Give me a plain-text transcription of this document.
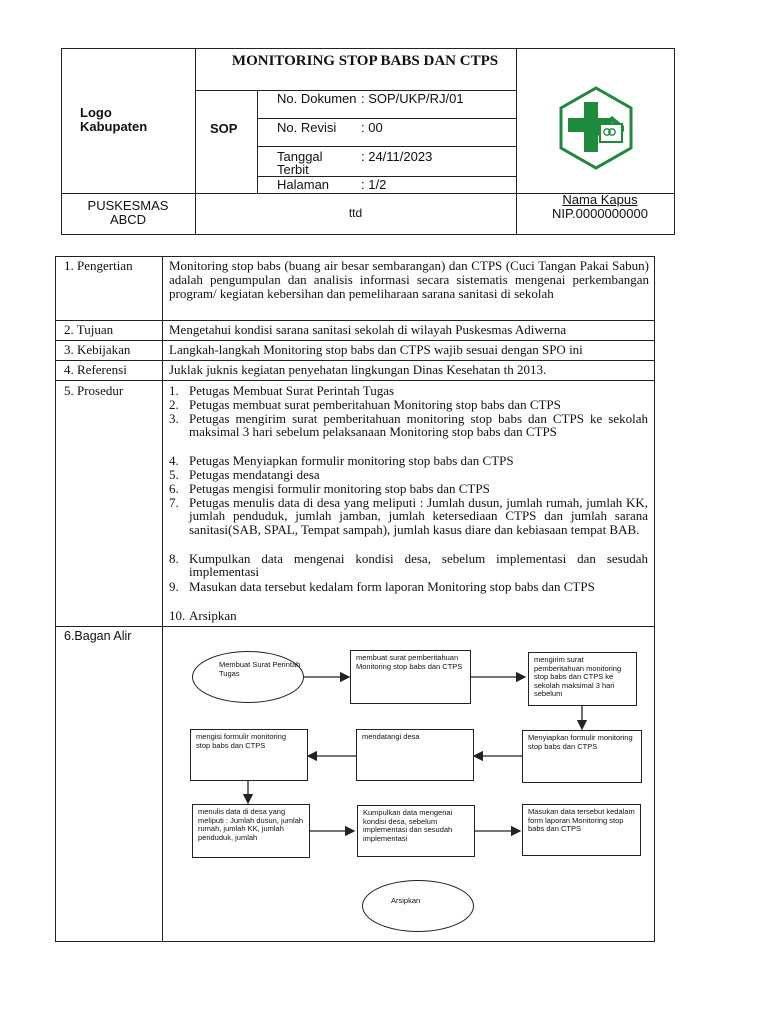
Logo Kabupaten
MONITORING STOP BABS DAN CTPS
SOP
No. Dokumen : SOP/UKP/RJ/01
No. Revisi	: 00
Tanggal Terbit
: 24/11/2023
Halaman	: 1/2
PUSKESMAS ABCD	ttd
Nama Kapus
NIP.0000000000
1. Pengertian	Monitoring stop babs (buang air besar sembarangan) dan CTPS (Cuci Tangan Pakai Sabun) adalah pengumpulan dan analisis informasi secara sistematis mengenai perkembangan program/ kegiatan kebersihan dan pemeliharaan sarana sanitasi di sekolah
2. Tujuan	Mengetahui kondisi sarana sanitasi sekolah di wilayah Puskesmas Adiwerna
3. Kebijakan	Langkah-langkah Monitoring stop babs dan CTPS wajib sesuai dengan SPO ini
4. Referensi	Juklak juknis kegiatan penyehatan lingkungan Dinas Kesehatan th 2013.
5. Prosedur	1. Petugas Membuat Surat Perintah Tugas
2. Petugas membuat surat pemberitahuan Monitoring stop babs dan CTPS
3. Petugas mengirim surat pemberitahuan monitoring stop babs dan CTPS ke sekolah maksimal 3 hari sebelum pelaksanaan Monitoring stop babs dan CTPS
4. Petugas Menyiapkan formulir monitoring stop babs dan CTPS
5. Petugas mendatangi desa
6. Petugas mengisi formulir monitoring stop babs dan CTPS
7. Petugas menulis data di desa yang meliputi : Jumlah dusun, jumlah rumah, jumlah KK, jumlah penduduk, jumlah jamban, jumlah ketersediaan CTPS dan jumlah sarana sanitasi(SAB, SPAL, Tempat sampah), jumlah kasus diare dan kebiasaan tempat BAB.
8. Kumpulkan data mengenai kondisi desa, sebelum implementasi dan sesudah implementasi
9. Masukan data tersebut kedalam form laporan Monitoring stop babs dan CTPS
10. Arsipkan
6.Bagan Alir
Membuat Surat Perintah Tugas
membuat surat pemberitahuan Monitoring stop babs dan CTPS
mengirim surat pemberitahuan monitoring stop babs dan CTPS ke sekolah maksimal 3 hari sebelum
Menyiapkan formulir monitoring stop babs dan CTPS
mendatangi desa
mengisi formulir monitoring stop babs dan CTPS
menulis data di desa yang meliputi : Jumlah dusun, jumlah rumah, jumlah KK, jumlah penduduk, jumlah
Kumpulkan data mengenai kondisi desa, sebelum implementasi dan sesudah implementasi
Masukan data tersebut kedalam form laporan Monitoring stop babs dan CTPS
Arsipkan
